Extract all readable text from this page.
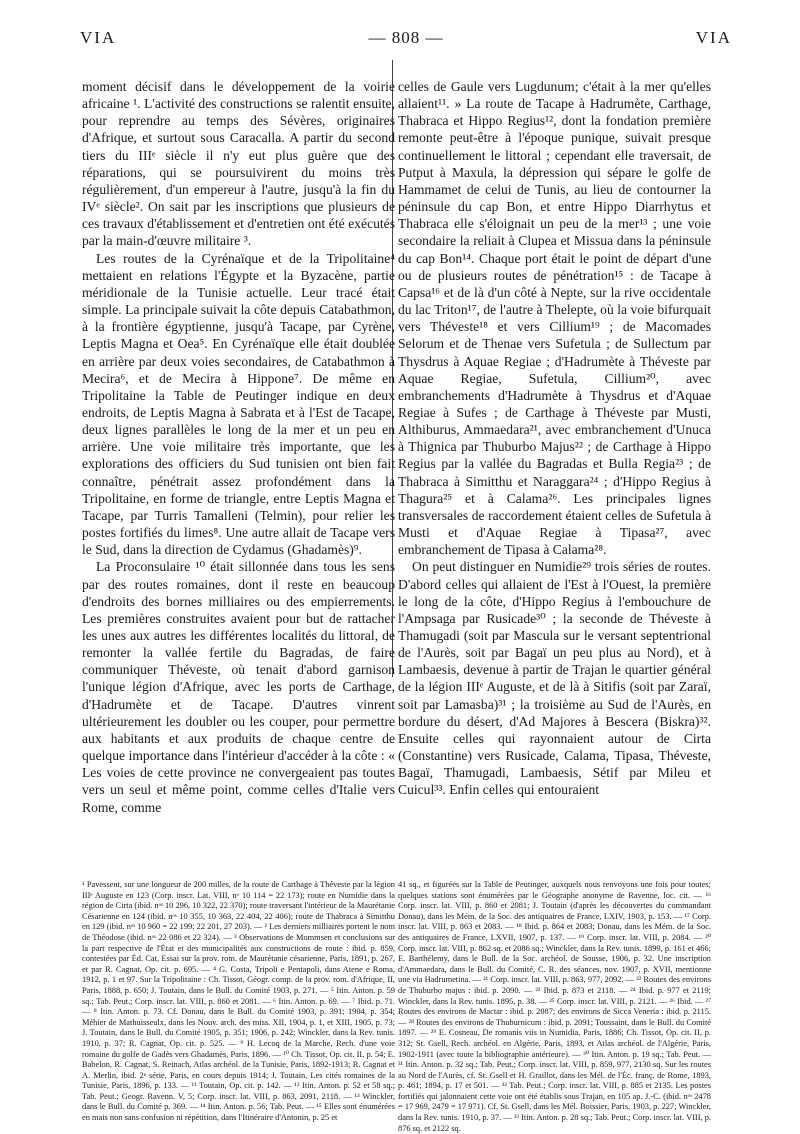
VIA	— 808 —	VIA

moment décisif dans le développement de la voirie africaine ¹. L'activité des constructions se ralentit ensuite, pour reprendre au temps des Sévères, originaires d'Afrique, et surtout sous Caracalla. A partir du second tiers du IIIᵉ siècle il n'y eut plus guère que des réparations, qui se poursuivirent du moins très régulièrement, d'un empereur à l'autre, jusqu'à la fin du IVᵉ siècle². On sait par les inscriptions que plusieurs de ces travaux d'établissement et d'entretien ont été exécutés par la main-d'œuvre militaire ³.

Les routes de la Cyrénaïque et de la Tripolitaine⁴ mettaient en relations l'Égypte et la Byzacène, partie méridionale de la Tunisie actuelle. Leur tracé était simple. La principale suivait la côte depuis Catabathmon, à la frontière égyptienne, jusqu'à Tacape, par Cyrène, Leptis Magna et Oea⁵. En Cyrénaïque elle était doublée en arrière par deux voies secondaires, de Catabathmon à Mecira⁶, et de Mecira à Hippone⁷. De même en Tripolitaine la Table de Peutinger indique en deux endroits, de Leptis Magna à Sabrata et à l'Est de Tacape, deux lignes parallèles le long de la mer et un peu en arrière. Une voie militaire très importante, que les explorations des officiers du Sud tunisien ont bien fait connaître, pénétrait assez profondément dans la Tripolitaine, en forme de triangle, entre Leptis Magna et Tacape, par Turris Tamalleni (Telmin), pour relier les postes fortifiés du limes⁸. Une autre allait de Tacape vers le Sud, dans la direction de Cydamus (Ghadamès)⁹.

La Proconsulaire ¹⁰ était sillonnée dans tous les sens par des routes romaines, dont il reste en beaucoup d'endroits des bornes milliaires ou des empierrements. Les premières construites avaient pour but de rattacher les unes aux autres les différentes localités du littoral, de remonter la vallée fertile du Bagradas, de faire communiquer Théveste, où tenait d'abord garnison l'unique légion d'Afrique, avec les ports de Carthage, d'Hadrumète et de Tacape. D'autres vinrent ultérieurement les doubler ou les couper, pour permettre aux habitants et aux produits de chaque centre de quelque importance dans l'intérieur d'accéder à la côte : « Les voies de cette province ne convergeaient pas toutes vers un seul et même point, comme celles d'Italie vers Rome, comme

celles de Gaule vers Lugdunum; c'était à la mer qu'elles allaient¹¹. » La route de Tacape à Hadrumète, Carthage, Thabraca et Hippo Regius¹², dont la fondation première remonte peut-être à l'époque punique, suivait presque continuellement le littoral ; cependant elle traversait, de Putput à Maxula, la dépression qui sépare le golfe de Hammamet de celui de Tunis, au lieu de contourner la péninsule du cap Bon, et entre Hippo Diarrhytus et Thabraca elle s'éloignait un peu de la mer¹³ ; une voie secondaire la reliait à Clupea et Missua dans la péninsule du cap Bon¹⁴. Chaque port était le point de départ d'une ou de plusieurs routes de pénétration¹⁵ : de Tacape à Capsa¹⁶ et de là d'un côté à Nepte, sur la rive occidentale du lac Triton¹⁷, de l'autre à Thelepte, où la voie bifurquait vers Théveste¹⁸ et vers Cillium¹⁹ ; de Macomades Selorum et de Thenae vers Sufetula ; de Sullectum par Thysdrus à Aquae Regiae ; d'Hadrumète à Théveste par Aquae Regiae, Sufetula, Cillium²⁰, avec embranchements d'Hadrumète à Thysdrus et d'Aquae Regiae à Sufes ; de Carthage à Théveste par Musti, Althiburus, Ammaedara²¹, avec embranchement d'Unuca à Thignica par Thuburbo Majus²² ; de Carthage à Hippo Regius par la vallée du Bagradas et Bulla Regia²³ ; de Thabraca à Simitthu et Naraggara²⁴ ; d'Hippo Regius à Thagura²⁵ et à Calama²⁶. Les principales lignes transversales de raccordement étaient celles de Sufetula à Musti et d'Aquae Regiae à Tipasa²⁷, avec embranchement de Tipasa à Calama²⁸.

On peut distinguer en Numidie²⁹ trois séries de routes. D'abord celles qui allaient de l'Est à l'Ouest, la première le long de la côte, d'Hippo Regius à l'embouchure de l'Ampsaga par Rusicade³⁰ ; la seconde de Théveste à Thamugadi (soit par Mascula sur le versant septentrional de l'Aurès, soit par Bagaï un peu plus au Nord), et à Lambaesis, devenue à partir de Trajan le quartier général de la légion IIIᵉ Auguste, et de là à Sitifis (soit par Zaraï, soit par Lamasba)³¹ ; la troisième au Sud de l'Aurès, en bordure du désert, d'Ad Majores à Bescera (Biskra)³². Ensuite celles qui rayonnaient autour de Cirta (Constantine) vers Rusicade, Calama, Tipasa, Théveste, Bagaï, Thamugadi, Lambaesis, Sétif par Mileu et Cuicul³³. Enfin celles qui entouraient

¹ Pavessent, sur une longueur de 200 milles, de la route de Carthage à Théveste par la légion IIIᵉ Auguste en 123 (Corp. inscr. Lat. VIII, nᵒ 10 114 = 22 173); route en Numidie dans la région de Cirta (ibid. nᵒˢ 10 296, 10 322, 22 370); route traversant l'intérieur de la Maurétanie Césarienne en 124 (ibid. nᵒˢ 10 355, 10 363, 22 404, 22 406); route de Thabraca à Simitthu en 129 (ibid. nᵒˢ 10 960 = 22 199; 22 201, 27 203). — ² Les derniers milliaires portent le nom de Théodose (ibid. nᵒˢ 22 086 et 22 324). — ³ Observations de Mommsen et conclusions sur la part respective de l'État et des municipalités aux constructions de route : ibid. p. 859, contestées par Éd. Cat, Essai sur la prov. rom. de Maurétanie césarienne, Paris, 1891, p. 267, et par R. Cagnat, Op. cit. p. 695. — ⁴ G. Costa, Tripoli e Pentapoli, dans Atene e Roma, 1912, p. 1 et 97. Sur la Tripolitaine : Ch. Tissot, Géogr. comp. de la prov. rom. d'Afrique, II, Paris, 1888, p. 650; J. Toutain, dans le Bull. du Comité 1903, p. 271. — ⁵ Itin. Anton. p. 59 sq.; Tab. Peut.; Corp. inscr. lat. VIII, p. 860 et 2081. — ⁶ Itin. Anton. p. 69. — ⁷ Ibid. p. 71. — ⁸ Itin. Anton. p. 73. Cf. Donau, dans le Bull. du Comité 1903, p. 391; 1904, p. 354; Méhier de Mathuisseulx, dans les Nouv. arch. des miss. XII, 1904, p. 1, et XIII, 1905, p. 73; J. Toutain, dans le Bull. du Comité 1905, p. 351; 1906, p. 242; Winckler, dans la Rev. tunis. 1910, p. 37; R. Cagnat, Op. cit. p. 525. — ⁹ H. Lecoq de la Marche, Rech. d'une voie romaine du golfe de Gadès vers Ghadamès, Paris, 1896. — ¹⁰ Ch. Tissot, Op. cit. II, p. 54; E. Babelon, R. Cagnat, S. Reinach, Atlas archéol. de la Tunisie, Paris, 1892-1913; R. Cagnat et A. Merlin, ibid. 2ᵉ série, Paris, en cours depuis 1914; J. Toutain, Les cités romaines de la Tunisie, Paris, 1896, p. 133. — ¹¹ Toutain, Op. cit. p. 142. — ¹² Itin. Anton. p. 52 et 58 sq.; Tab. Peut.; Geogr. Ravenn. V, 5; Corp. inscr. lat. VIII, p. 863, 2091, 2118. — ¹³ Winckler, dans le Bull. du Comité p. 369. — ¹⁴ Itin. Anton. p. 56; Tab. Peut. — ¹⁵ Elles sont énumérées en mais non sans confusion ni répétition, dans l'Itinéraire d'Antonin, p. 25 et
41 sq., et figurées sur la Table de Peutinger, auxquels nous renvoyons une fois pour toutes; quelques stations sont énumérées par le Géographe anonyme de Ravenne, loc. cit. — ¹⁶ Corp. inscr. lat. VIII, p. 860 et 2081; J. Toutain (d'après les découvertes du commandant Donau), dans les Mém. de la Soc. des antiquaires de France, LXIV, 1903, p. 153. — ¹⁷ Corp. inscr. lat. VIII, p. 863 et 2083. — ¹⁸ Ibid. p. 864 et 2083; Donau, dans les Mém. de la Soc. des antiquaires de France, LXVII, 1907, p. 137. — ¹⁹ Corp. inscr. lat. VIII, p. 2084. — ²⁰ Corp. inscr. lat. VIII, p. 862 sq. et 2086 sq.; Winckler, dans la Rev. tunis. 1899, p. 161 et 466; E. Barthélemy, dans le Bull. de la Soc. archéol. de Sousse, 1906, p. 32. Une inscription d'Ammaedara, dans le Bull. du Comité, C. R. des séances, nov. 1907, p. XVII, mentionne une via Hadrumetina. — ²¹ Corp. inscr. lat. VIII, p. 863, 977, 2092. — ²² Routes des environs de Thuburbo majus : ibid. p. 2090. — ²³ Ibid. p. 873 et 2118. — ²⁴ Ibid. p. 977 et 2119; Winckler, dans la Rev. tunis. 1895, p. 38. — ²⁵ Corp. inscr. lat. VIII, p. 2121. — ²⁶ Ibid. — ²⁷ Routes des environs de Mactar : ibid. p. 2087; des environs de Sicca Veneria : ibid. p. 2115. — ²⁸ Routes des environs de Thuburnicum : ibid. p. 2091; Toussaint, dans le Bull. du Comité 1897. — ²⁹ E. Cosneau, De romanis viis in Numidia, Paris, 1886; Ch. Tissot, Op. cit. II, p. 312; St. Gsell, Rech. archéol. en Algérie, Paris, 1893, et Atlas archéol. de l'Algérie, Paris, 1902-1911 (avec toute la bibliographie antérieure). — ³⁰ Itin. Anton. p. 19 sq.; Tab. Peut. — ³¹ Itin. Anton. p. 32 sq.; Tab. Peut.; Corp. inscr. lat. VIII, p. 859, 977, 2130 sq. Sur les routes au Nord de l'Aurès, cf. St. Gsell et H. Graillot, dans les Mél. de l'Éc. franç. de Rome, 1893, p. 461; 1894, p. 17 et 501. — ³² Tab. Peut.; Corp. inscr. lat. VIII, p. 885 et 2135. Les postes fortifiés qui jalonnaient cette voie ont été établis sous Trajan, en 105 ap. J.-C. (ibid. nᵒˢ 2478 = 17 969, 2479 = 17 971). Cf. St. Gsell, dans les Mél. Boissier, Paris, 1903, p. 227; Winckler, dans la Rev. tunis. 1910, p. 37. — ³³ Itin. Anton. p. 28 sq.; Tab. Peut.; Corp. inscr. lat. VIII, p. 876 sq. et 2122 sq.
